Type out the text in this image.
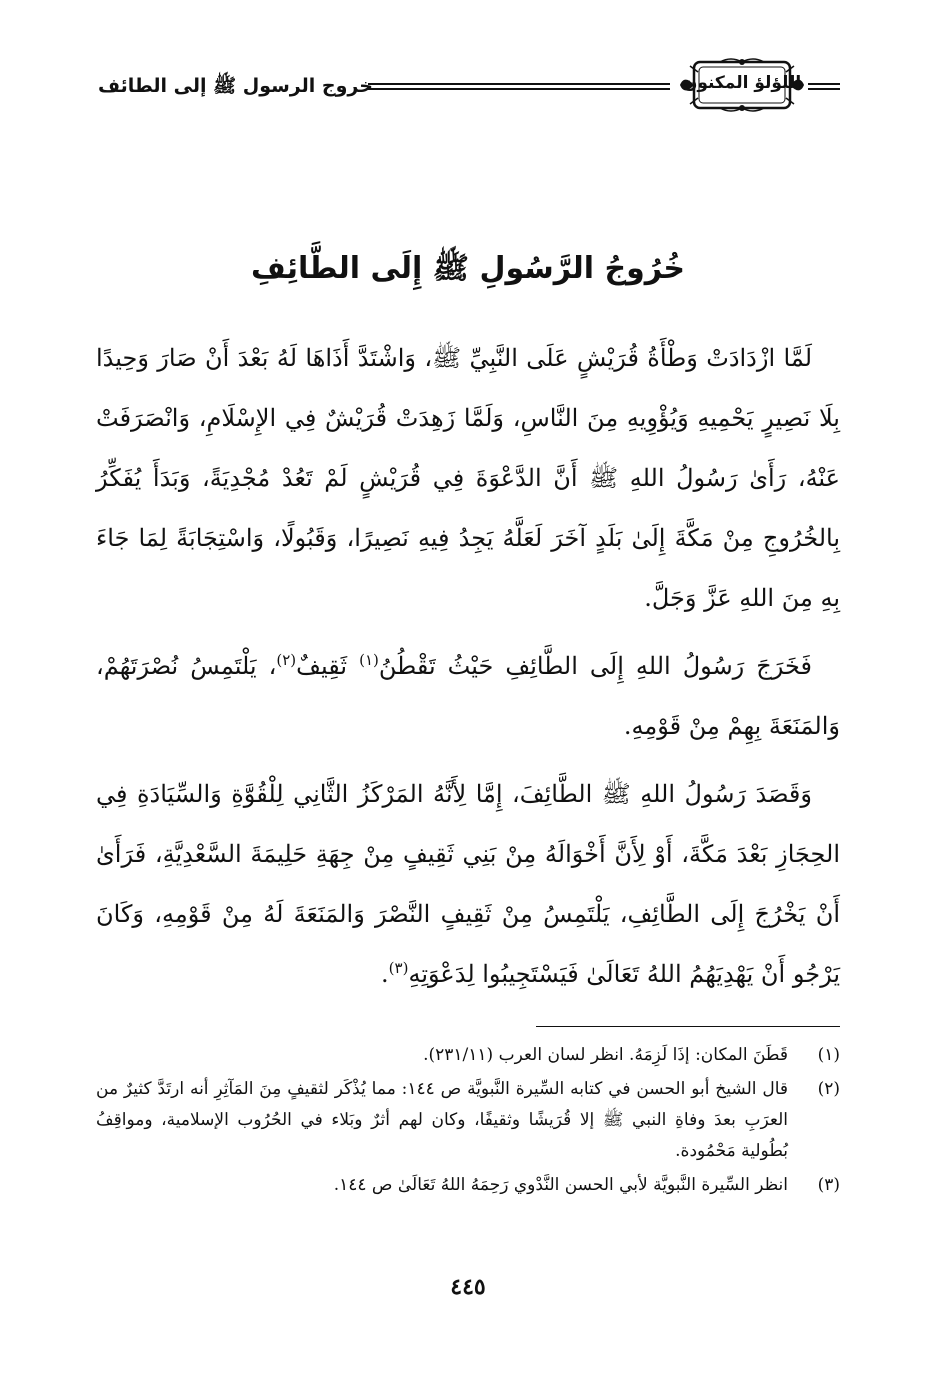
خروج الرسول ﷺ إلى الطائف	اللؤلؤ المكنون
خُرُوجُ الرَّسُولِ ﷺ إِلَى الطَّائِفِ

لَمَّا ازْدَادَتْ وَطْأَةُ قُرَيْشٍ عَلَى النَّبِيِّ ﷺ، وَاشْتَدَّ أَذَاهَا لَهُ بَعْدَ أَنْ صَارَ وَحِيدًا بِلَا نَصِيرٍ يَحْمِيهِ وَيُؤْوِيهِ مِنَ النَّاسِ، وَلَمَّا زَهِدَتْ قُرَيْشٌ فِي الإِسْلَامِ، وَانْصَرَفَتْ عَنْهُ، رَأَىٰ رَسُولُ اللهِ ﷺ أَنَّ الدَّعْوَةَ فِي قُرَيْشٍ لَمْ تَعُدْ مُجْدِيَةً، وَبَدَأَ يُفَكِّرُ بِالخُرُوجِ مِنْ مَكَّةَ إِلَىٰ بَلَدٍ آخَرَ لَعَلَّهُ يَجِدُ فِيهِ نَصِيرًا، وَقَبُولًا، وَاسْتِجَابَةً لِمَا جَاءَ بِهِ مِنَ اللهِ عَزَّ وَجَلَّ.

فَخَرَجَ رَسُولُ اللهِ إِلَى الطَّائِفِ حَيْثُ تَقْطُنُ$^{(١)}$ ثَقِيفٌ$^{(٢)}$، يَلْتَمِسُ نُصْرَتَهُمْ، وَالمَنَعَةَ بِهِمْ مِنْ قَوْمِهِ.

وَقَصَدَ رَسُولُ اللهِ ﷺ الطَّائِفَ، إِمَّا لِأَنَّهُ المَرْكَزُ الثَّانِي لِلْقُوَّةِ وَالسِّيَادَةِ فِي الحِجَازِ بَعْدَ مَكَّةَ، أَوْ لِأَنَّ أَخْوَالَهُ مِنْ بَنِي ثَقِيفٍ مِنْ جِهَةِ حَلِيمَةَ السَّعْدِيَّةِ، فَرَأَىٰ أَنْ يَخْرُجَ إِلَى الطَّائِفِ، يَلْتَمِسُ مِنْ ثَقِيفٍ النَّصْرَ وَالمَنَعَةَ لَهُ مِنْ قَوْمِهِ، وَكَانَ يَرْجُو أَنْ يَهْدِيَهُمُ اللهُ تَعَالَىٰ فَيَسْتَجِيبُوا لِدَعْوَتِهِ$^{(٣)}$.

(١)
قَطَنَ المكان: إذَا لَزِمَهُ. انظر لسان العرب (٢٣١/١١).
(٢)
قال الشيخ أبو الحسن في كتابه السِّيرة النَّبويَّة ص ١٤٤: مما يُذْكَر لثقيفٍ مِنَ المَآثِرِ أنه ارتَدَّ كثيرٌ من العرَبِ بعدَ وفاةِ النبي ﷺ إلا قُرَيشًا وثقيفًا، وكان لهم أثرٌ وبَلاء في الحُرُوب الإسلامية، ومواقِفُ بُطُولية مَحْمُودة.
(٣)
انظر السِّيرة النَّبويَّة لأبي الحسن النَّدْوي رَحِمَهُ اللهُ تَعَالَىٰ ص ١٤٤.
٤٤٥
